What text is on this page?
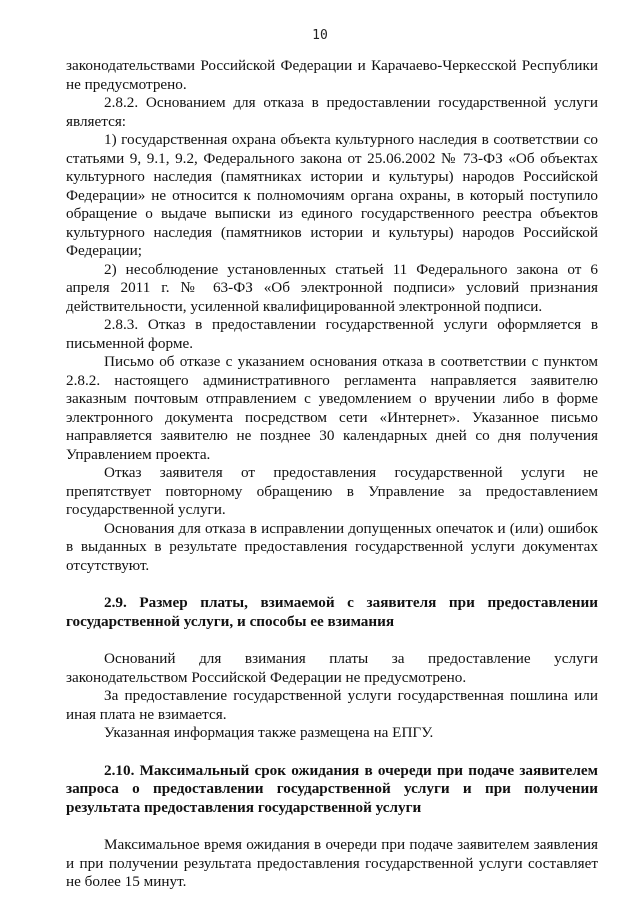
10

законодательствами Российской Федерации и Карачаево-Черкесской Республики не предусмотрено.

2.8.2. Основанием для отказа в предоставлении государственной услуги является:

1) государственная охрана объекта культурного наследия в соответствии со статьями 9, 9.1, 9.2, Федерального закона от 25.06.2002 № 73-ФЗ «Об объектах культурного наследия (памятниках истории и культуры) народов Российской Федерации» не относится к полномочиям органа охраны, в который поступило обращение о выдаче выписки из единого государственного реестра объектов культурного наследия (памятников истории и культуры) народов Российской Федерации;

2) несоблюдение установленных статьей 11 Федерального закона от 6 апреля 2011 г. № 63-ФЗ «Об электронной подписи» условий признания действительности, усиленной квалифицированной электронной подписи.

2.8.3. Отказ в предоставлении государственной услуги оформляется в письменной форме.

Письмо об отказе с указанием основания отказа в соответствии с пунктом 2.8.2. настоящего административного регламента направляется заявителю заказным почтовым отправлением с уведомлением о вручении либо в форме электронного документа посредством сети «Интернет». Указанное письмо направляется заявителю не позднее 30 календарных дней со дня получения Управлением проекта.

Отказ заявителя от предоставления государственной услуги не препятствует повторному обращению в Управление за предоставлением государственной услуги.

Основания для отказа в исправлении допущенных опечаток и (или) ошибок в выданных в результате предоставления государственной услуги документах отсутствуют.

2.9. Размер платы, взимаемой с заявителя при предоставлении государственной услуги, и способы ее взимания

Оснований для взимания платы за предоставление услуги законодательством Российской Федерации не предусмотрено.

За предоставление государственной услуги государственная пошлина или иная плата не взимается.

Указанная информация также размещена на ЕПГУ.

2.10. Максимальный срок ожидания в очереди при подаче заявителем запроса о предоставлении государственной услуги и при получении результата предоставления государственной услуги

Максимальное время ожидания в очереди при подаче заявителем заявления и при получении результата предоставления государственной услуги составляет не более 15 минут.
